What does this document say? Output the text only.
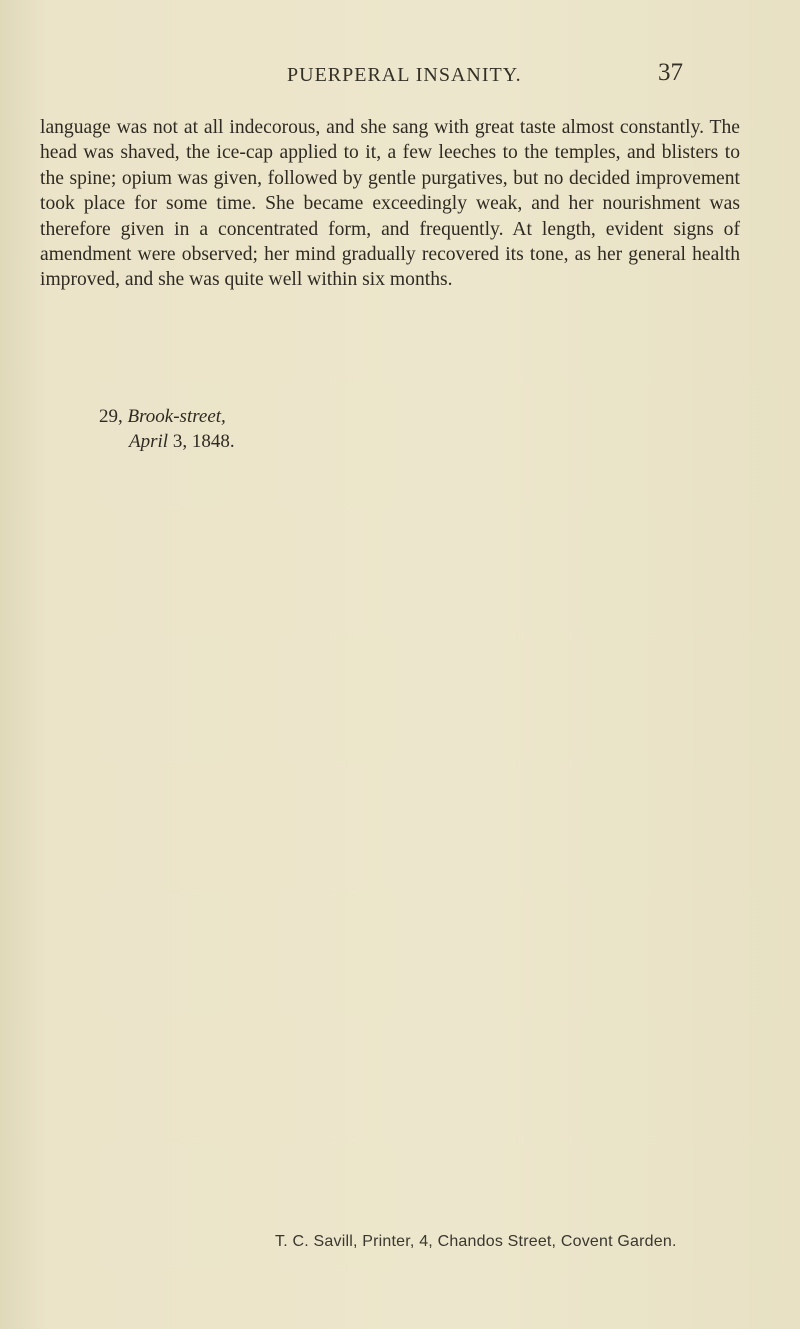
PUERPERAL INSANITY.	37

language was not at all indecorous, and she sang with great taste almost constantly. The head was shaved, the ice-cap applied to it, a few leeches to the temples, and blisters to the spine; opium was given, followed by gentle purgatives, but no decided improvement took place for some time. She became exceedingly weak, and her nourishment was therefore given in a concentrated form, and frequently. At length, evident signs of amendment were observed; her mind gradually recovered its tone, as her general health improved, and she was quite well within six months.

29, Brook-street,
April 3, 1848.
T. C. Savill, Printer, 4, Chandos Street, Covent Garden.
